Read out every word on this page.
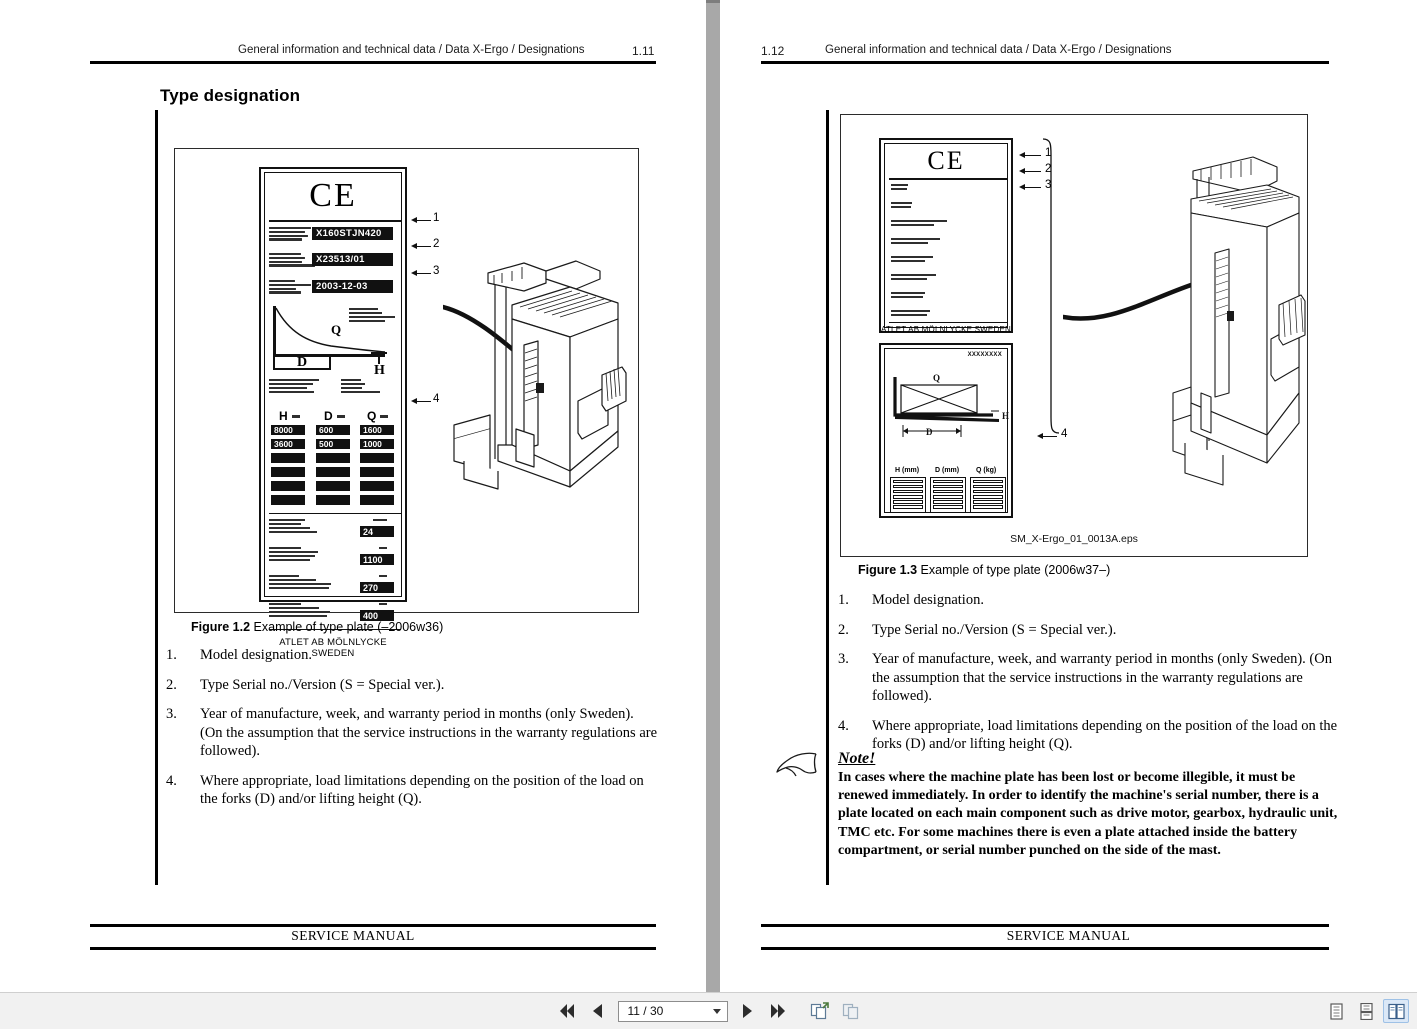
General information and technical data / Data X-Ergo / Designations	1.11
Type designation
CE
X160STJN420
X23513/01
2003-12-03
Q
D
H
H	D	Q
8000	600	1600
3600	500	1000
24
1100
270
400
ATLET AB MÖLNLYCKE SWEDEN
1
2
3
4
Figure 1.2 Example of type plate (–2006w36)
1.	Model designation.
2.	Type Serial no./Version (S = Special ver.).
3.	Year of manufacture, week, and warranty period in months (only Sweden). (On the assumption that the service instructions in the warranty regulations are followed).
4.	Where appropriate, load limitations depending on the position of the load on the forks (D) and/or lifting height (Q).
SERVICE MANUAL
1.12	General information and technical data / Data X-Ergo / Designations
CE
ATLET AB MÖLNLYCKE SWEDEN
XXXXXXXX
Q
D
H
H (mm) D (mm) Q (kg)
1
2
3
4
SM_X-Ergo_01_0013A.eps
Figure 1.3 Example of type plate (2006w37–)
1.	Model designation.
2.	Type Serial no./Version (S = Special ver.).
3.	Year of manufacture, week, and warranty period in months (only Sweden). (On the assumption that the service instructions in the warranty regulations are followed).
4.	Where appropriate, load limitations depending on the position of the load on the forks (D) and/or lifting height (Q).
Note!
In cases where the machine plate has been lost or become illegible, it must be renewed immediately. In order to identify the machine's serial number, there is a plate located on each main component such as drive motor, gearbox, hydraulic unit, TMC etc. For some machines there is even a plate attached inside the battery compartment, or serial number punched on the side of the mast.
SERVICE MANUAL
11 / 30
